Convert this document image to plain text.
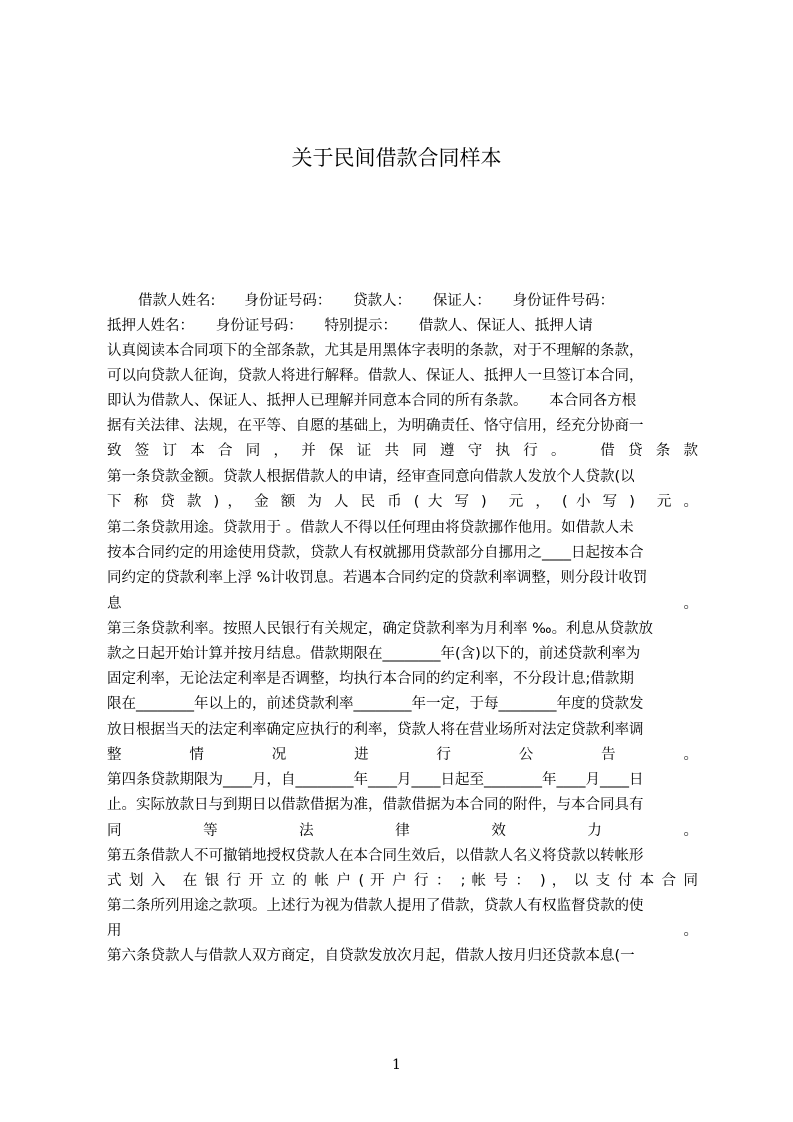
关于民间借款合同样本
借款人姓名:　　身份证号码：　　贷款人：　　保证人：　　身份证件号码：
抵押人姓名：　　身份证号码：　　特别提示：　　借款人、保证人、抵押人请
认真阅读本合同项下的全部条款，尤其是用黑体字表明的条款，对于不理解的条款，
可以向贷款人征询，贷款人将进行解释。借款人、保证人、抵押人一旦签订本合同，
即认为借款人、保证人、抵押人已理解并同意本合同的所有条款。　　本合同各方根
据有关法律、法规，在平等、自愿的基础上，为明确责任、恪守信用，经充分协商一
致 签 订 本 合 同 ， 并 保 证 共 同 遵 守 执 行 。　　借 贷 条 款
第一条贷款金额。贷款人根据借款人的申请，经审查同意向借款人发放个人贷款(以
下 称 贷 款 ) ， 金 额 为 人 民 币 ( 大 写 )　元 ， ( 小 写 )　元 。
第二条贷款用途。贷款用于 。借款人不得以任何理由将贷款挪作他用。如借款人未
按本合同约定的用途使用贷款，贷款人有权就挪用贷款部分自挪用之____日起按本合
同约定的贷款利率上浮 %计收罚息。若遇本合同约定的贷款利率调整，则分段计收罚
息 。
第三条贷款利率。按照人民银行有关规定，确定贷款利率为月利率 ‰。利息从贷款放
款之日起开始计算并按月结息。借款期限在________年(含)以下的，前述贷款利率为
固定利率，无论法定利率是否调整，均执行本合同的约定利率，不分段计息;借款期
限在________年以上的，前述贷款利率________年一定，于每________年度的贷款发
放日根据当天的法定利率确定应执行的利率，贷款人将在营业场所对法定贷款利率调
整 情 况 进 行 公 告 。
第四条贷款期限为____月，自________年____月____日起至________年____月____日
止。实际放款日与到期日以借款借据为准，借款借据为本合同的附件，与本合同具有
同 等 法 律 效 力 。
第五条借款人不可撤销地授权贷款人在本合同生效后，以借款人名义将贷款以转帐形
式 划 入　在 银 行 开 立 的 帐 户 ( 开 户 行 ：　; 帐 号 ：　) ， 以 支 付 本 合 同
第二条所列用途之款项。上述行为视为借款人提用了借款，贷款人有权监督贷款的使
用 。
第六条贷款人与借款人双方商定，自贷款发放次月起，借款人按月归还贷款本息(一
1
